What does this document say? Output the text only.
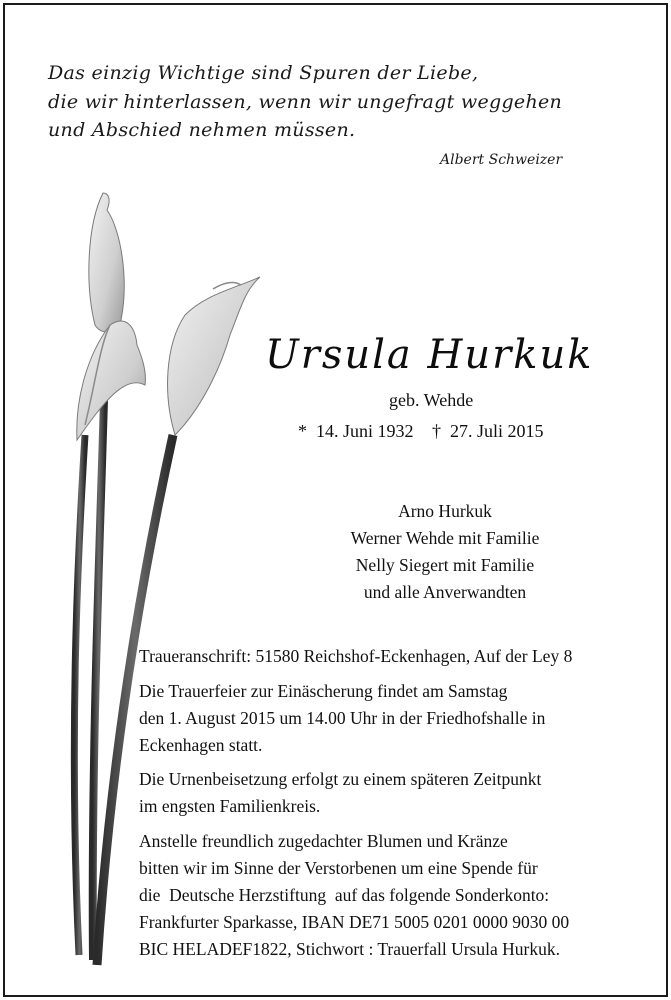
Das einzig Wichtige sind Spuren der Liebe,
die wir hinterlassen, wenn wir ungefragt weggehen
und Abschied nehmen müssen.
Albert Schweizer
Ursula Hurkuk
geb. Wehde
* 14. Juni 1932 † 27. Juli 2015
Arno Hurkuk
Werner Wehde mit Familie
Nelly Siegert mit Familie
und alle Anverwandten
Traueranschrift: 51580 Reichshof-Eckenhagen, Auf der Ley 8
Die Trauerfeier zur Einäscherung findet am Samstag
den 1. August 2015 um 14.00 Uhr in der Friedhofshalle in
Eckenhagen statt.
Die Urnenbeisetzung erfolgt zu einem späteren Zeitpunkt
im engsten Familienkreis.
Anstelle freundlich zugedachter Blumen und Kränze
bitten wir im Sinne der Verstorbenen um eine Spende für
die  Deutsche Herzstiftung  auf das folgende Sonderkonto:
Frankfurter Sparkasse, IBAN DE71 5005 0201 0000 9030 00
BIC HELADEF1822, Stichwort : Trauerfall Ursula Hurkuk.
